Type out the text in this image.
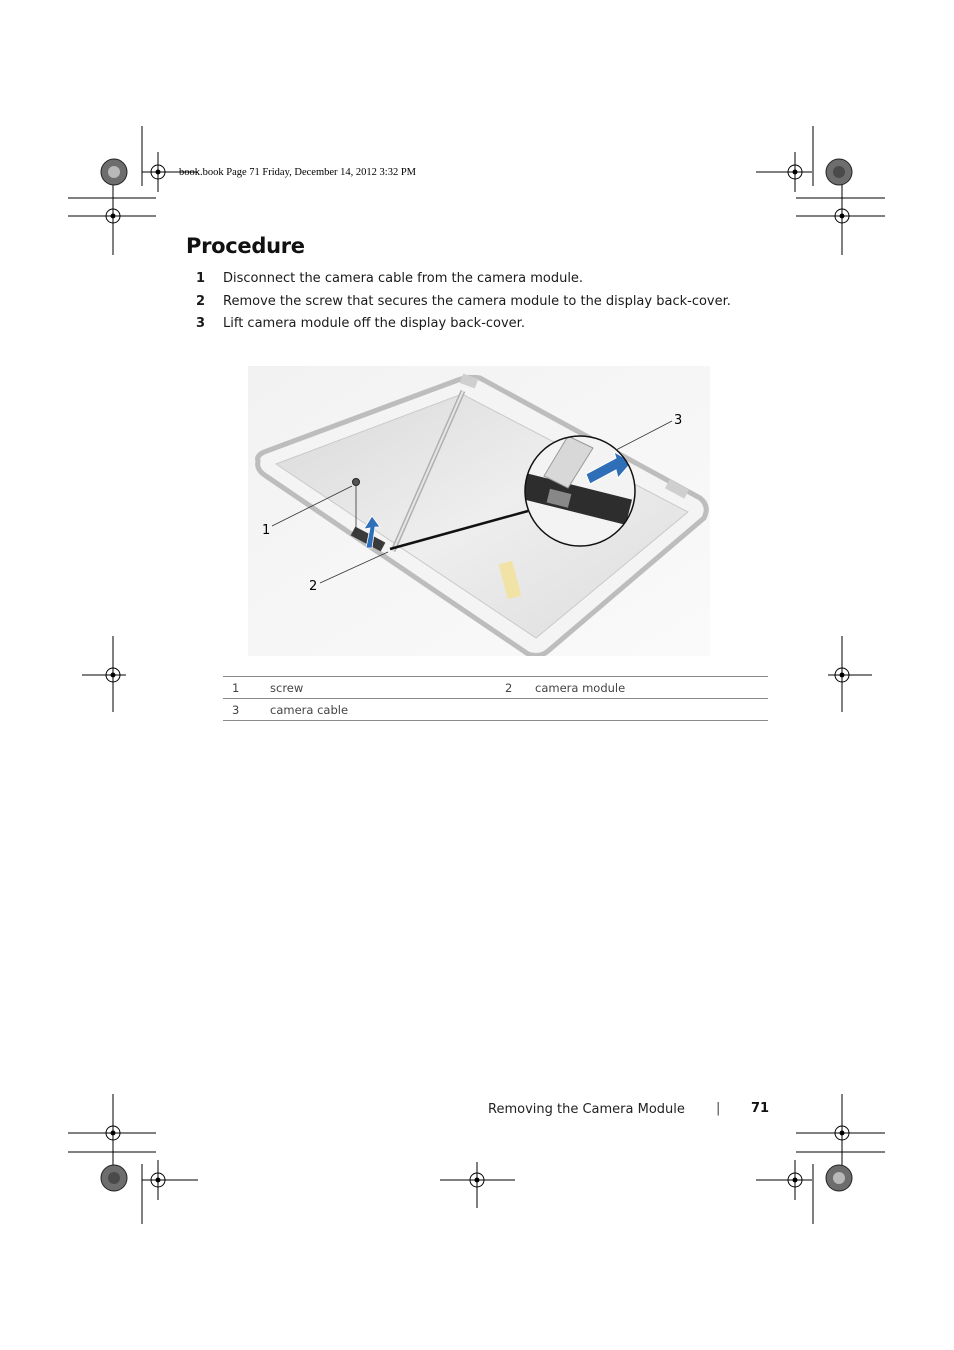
book.book Page 71 Friday, December 14, 2012 3:32 PM
Procedure
1 Disconnect the camera cable from the camera module.
2 Remove the screw that secures the camera module to the display back-cover.
3 Lift camera module off the display back-cover.
1
2
3
1	screw	2	camera module
3	camera cable		
Removing the Camera Module | 71
